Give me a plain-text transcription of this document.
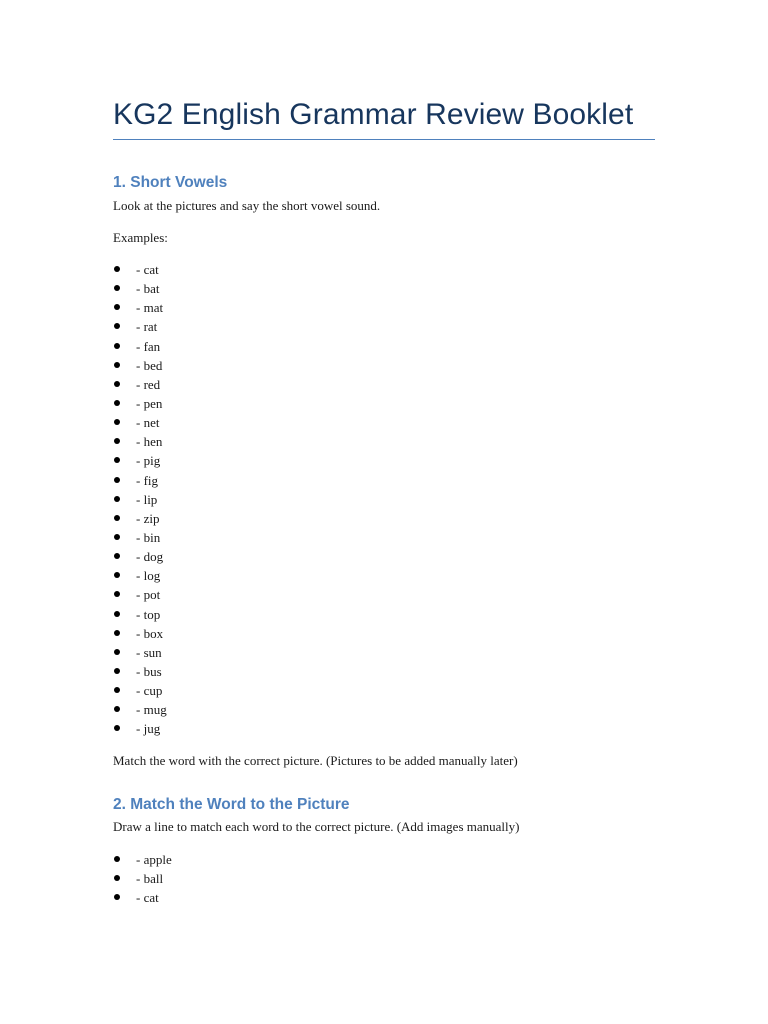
KG2 English Grammar Review Booklet
1. Short Vowels

Look at the pictures and say the short vowel sound.

Examples:

- cat
- bat
- mat
- rat
- fan
- bed
- red
- pen
- net
- hen
- pig
- fig
- lip
- zip
- bin
- dog
- log
- pot
- top
- box
- sun
- bus
- cup
- mug
- jug

Match the word with the correct picture. (Pictures to be added manually later)

2. Match the Word to the Picture

Draw a line to match each word to the correct picture. (Add images manually)

- apple
- ball
- cat
